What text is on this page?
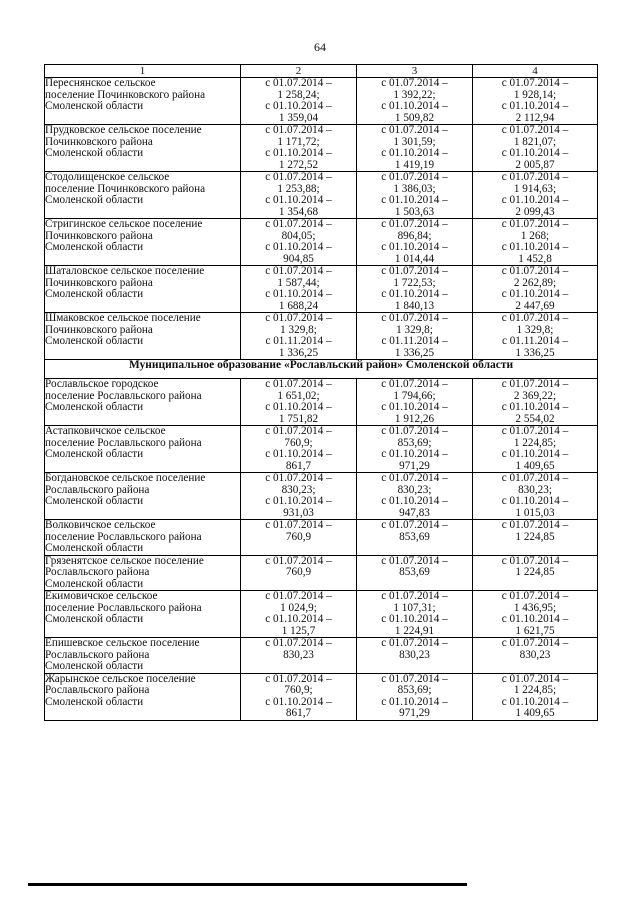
64
1	2	3	4

Переснянское сельское
поселение Починковского района
Смоленской области	с 01.07.2014 –
1 258,24;
с 01.10.2014 –
1 359,04	с 01.07.2014 –
1 392,22;
с 01.10.2014 –
1 509,82	с 01.07.2014 –
1 928,14;
с 01.10.2014 –
2 112,94

Прудковское сельское поселение
Починковского района
Смоленской области	с 01.07.2014 –
1 171,72;
с 01.10.2014 –
1 272,52	с 01.07.2014 –
1 301,59;
с 01.10.2014 –
1 419,19	с 01.07.2014 –
1 821,07;
с 01.10.2014 –
2 005,87

Стодолищенское сельское
поселение Починковского района
Смоленской области	с 01.07.2014 –
1 253,88;
с 01.10.2014 –
1 354,68	с 01.07.2014 –
1 386,03;
с 01.10.2014 –
1 503,63	с 01.07.2014 –
1 914,63;
с 01.10.2014 –
2 099,43

Стригинское сельское поселение
Починковского района
Смоленской области	с 01.07.2014 –
804,05;
с 01.10.2014 –
904,85	с 01.07.2014 –
896,84;
с 01.10.2014 –
1 014,44	с 01.07.2014 –
1 268;
с 01.10.2014 –
1 452,8

Шаталовское сельское поселение
Починковского района
Смоленской области	с 01.07.2014 –
1 587,44;
с 01.10.2014 –
1 688,24	с 01.07.2014 –
1 722,53;
с 01.10.2014 –
1 840,13	с 01.07.2014 –
2 262,89;
с 01.10.2014 –
2 447,69

Шмаковское сельское поселение
Починковского района
Смоленской области	с 01.07.2014 –
1 329,8;
с 01.11.2014 –
1 336,25	с 01.07.2014 –
1 329,8;
с 01.11.2014 –
1 336,25	с 01.07.2014 –
1 329,8;
с 01.11.2014 –
1 336,25

Муниципальное образование «Рославльский район» Смоленской области			

Рославльское городское
поселение Рославльского района
Смоленской области	с 01.07.2014 –
1 651,02;
с 01.10.2014 –
1 751,82	с 01.07.2014 –
1 794,66;
с 01.10.2014 –
1 912,26	с 01.07.2014 –
2 369,22;
с 01.10.2014 –
2 554,02

Астапковичское сельское
поселение Рославльского района
Смоленской области	с 01.07.2014 –
760,9;
с 01.10.2014 –
861,7	с 01.07.2014 –
853,69;
с 01.10.2014 –
971,29	с 01.07.2014 –
1 224,85;
с 01.10.2014 –
1 409,65

Богдановское сельское поселение
Рославльского района
Смоленской области	с 01.07.2014 –
830,23;
с 01.10.2014 –
931,03	с 01.07.2014 –
830,23;
с 01.10.2014 –
947,83	с 01.07.2014 –
830,23;
с 01.10.2014 –
1 015,03

Волковичское сельское
поселение Рославльского района
Смоленской области	с 01.07.2014 –
760,9	с 01.07.2014 –
853,69	с 01.07.2014 –
1 224,85

Грязенятское сельское поселение
Рославльского района
Смоленской области	с 01.07.2014 –
760,9	с 01.07.2014 –
853,69	с 01.07.2014 –
1 224,85

Екимовичское сельское
поселение Рославльского района
Смоленской области	с 01.07.2014 –
1 024,9;
с 01.10.2014 –
1 125,7	с 01.07.2014 –
1 107,31;
с 01.10.2014 –
1 224,91	с 01.07.2014 –
1 436,95;
с 01.10.2014 –
1 621,75

Епишевское сельское поселение
Рославльского района
Смоленской области	с 01.07.2014 –
830,23	с 01.07.2014 –
830,23	с 01.07.2014 –
830,23

Жарынское сельское поселение
Рославльского района
Смоленской области	с 01.07.2014 –
760,9;
с 01.10.2014 –
861,7	с 01.07.2014 –
853,69;
с 01.10.2014 –
971,29	с 01.07.2014 –
1 224,85;
с 01.10.2014 –
1 409,65
